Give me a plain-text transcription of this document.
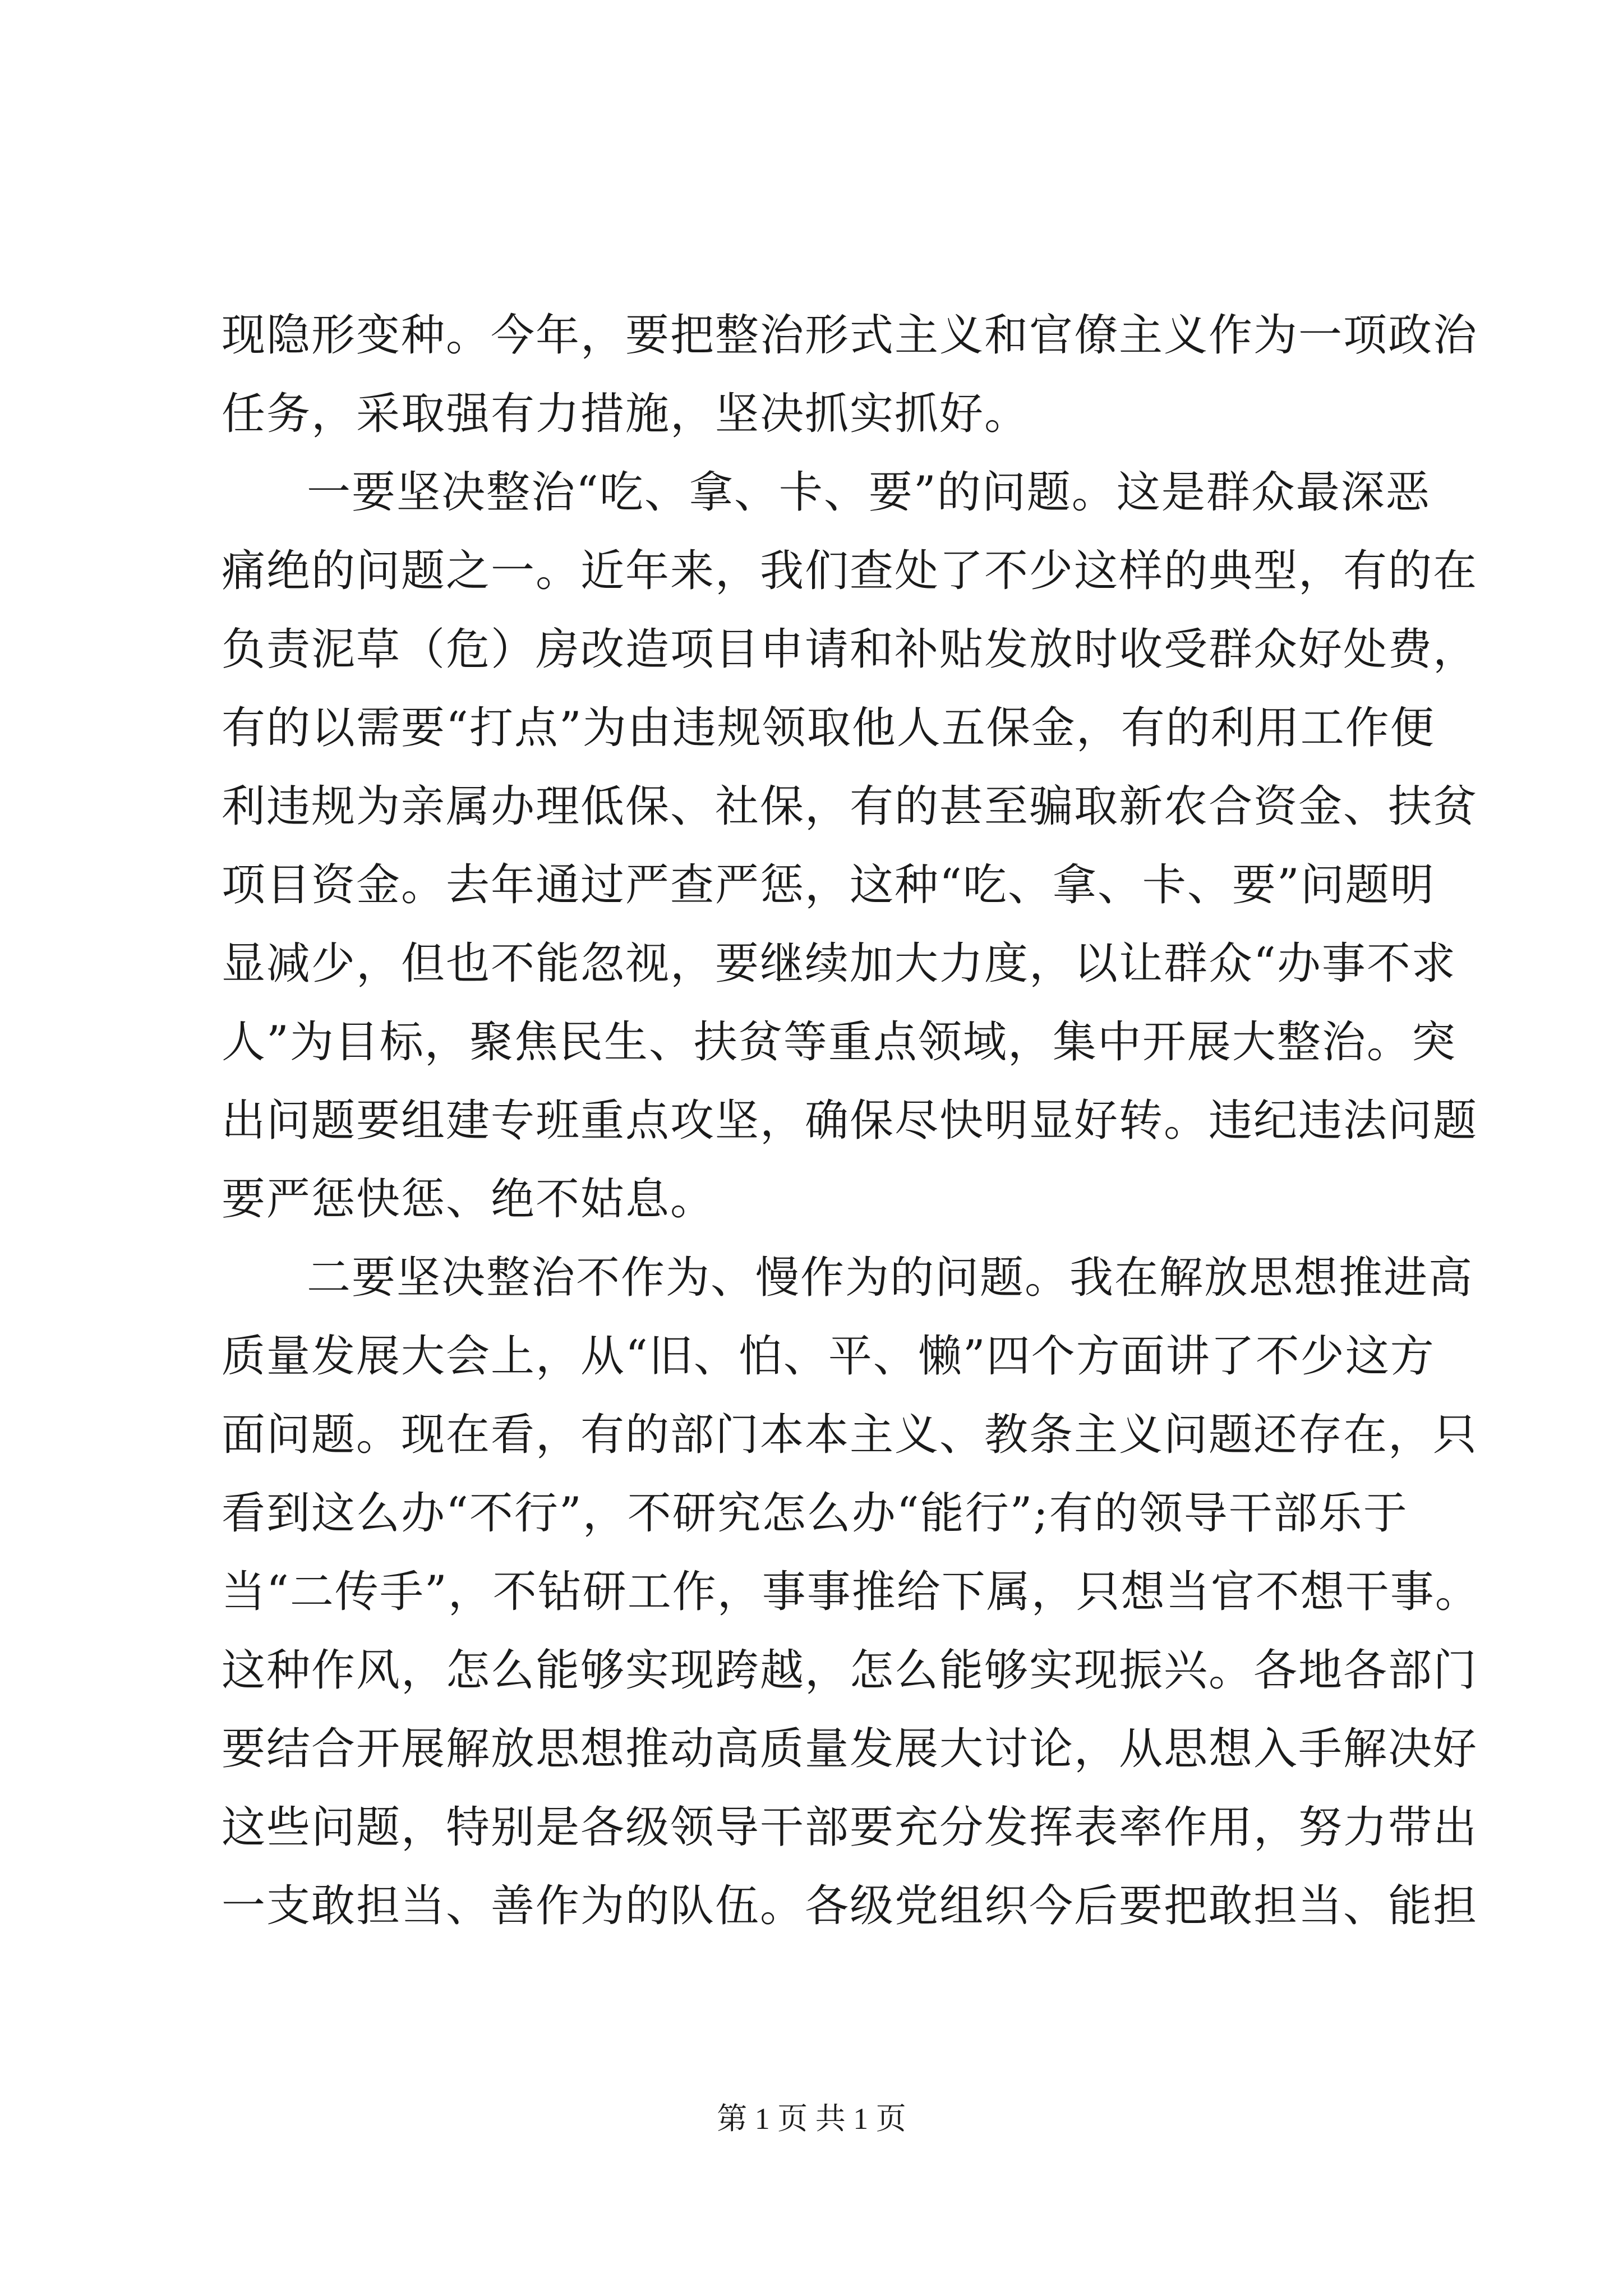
现隐形变种。今年，要把整治形式主义和官僚主义作为一项政治
任务，采取强有力措施，坚决抓实抓好。
一要坚决整治“吃、拿、卡、要”的问题。这是群众最深恶
痛绝的问题之一。近年来，我们查处了不少这样的典型，有的在
负责泥草（危）房改造项目申请和补贴发放时收受群众好处费，
有的以需要“打点”为由违规领取他人五保金，有的利用工作便
利违规为亲属办理低保、社保，有的甚至骗取新农合资金、扶贫
项目资金。去年通过严查严惩，这种“吃、拿、卡、要”问题明
显减少，但也不能忽视，要继续加大力度，以让群众“办事不求
人”为目标，聚焦民生、扶贫等重点领域，集中开展大整治。突
出问题要组建专班重点攻坚，确保尽快明显好转。违纪违法问题
要严惩快惩、绝不姑息。
二要坚决整治不作为、慢作为的问题。我在解放思想推进高
质量发展大会上，从“旧、怕、平、懒”四个方面讲了不少这方
面问题。现在看，有的部门本本主义、教条主义问题还存在，只
看到这么办“不行”，不研究怎么办“能行”;有的领导干部乐于
当“二传手”，不钻研工作，事事推给下属，只想当官不想干事。
这种作风，怎么能够实现跨越，怎么能够实现振兴。各地各部门
要结合开展解放思想推动高质量发展大讨论，从思想入手解决好
这些问题，特别是各级领导干部要充分发挥表率作用，努力带出
一支敢担当、善作为的队伍。各级党组织今后要把敢担当、能担
第 1 页 共 1 页
